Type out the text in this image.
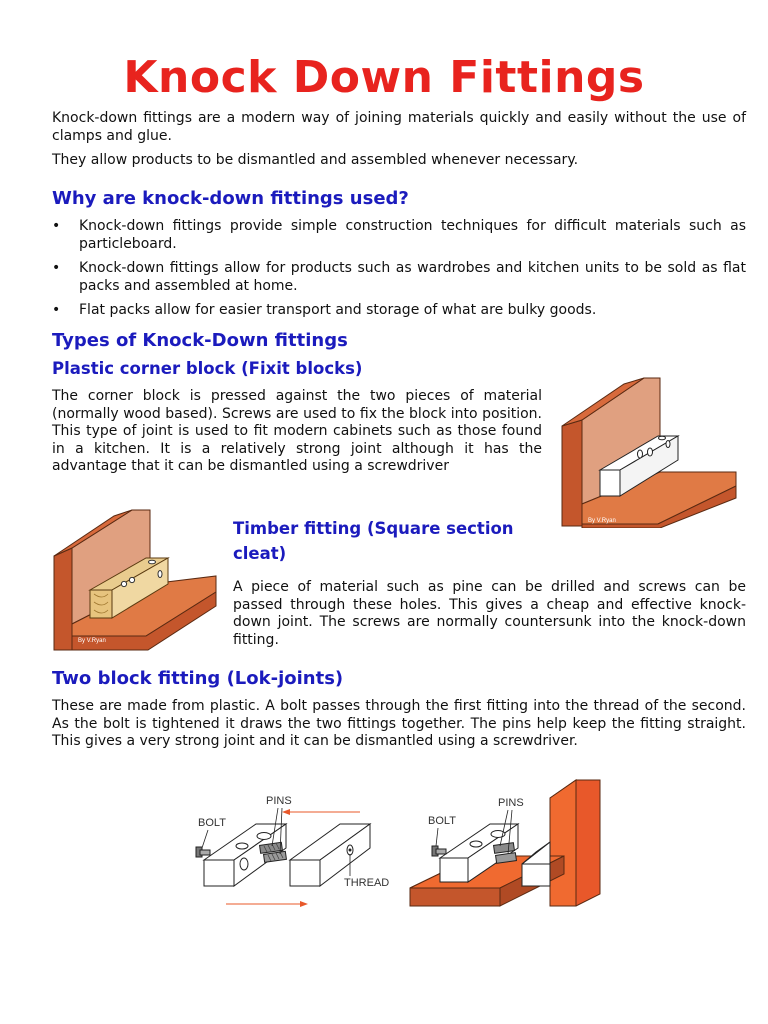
Knock Down Fittings

Knock-down fittings are a modern way of joining materials quickly and easily without the use of clamps and glue.

They allow products to be dismantled and assembled whenever necessary.

Why are knock-down fittings used?
• Knock-down fittings provide simple construction techniques for difficult materials such as particleboard.
• Knock-down fittings allow for products such as wardrobes and kitchen units to be sold as flat packs and assembled at home.
• Flat packs allow for easier transport and storage of what are bulky goods.
Types of Knock-Down fittings
Plastic corner block (Fixit blocks)

The corner block is pressed against the two pieces of material (normally wood based). Screws are used to fix the block into position. This type of joint is used to fit modern cabinets such as those found in a kitchen. It is a relatively strong joint although it has the advantage that it can be dismantled using a screwdriver

By V.Ryan
By V.Ryan
Timber fitting (Square section cleat)

A piece of material such as pine can be drilled and screws can be passed through these holes. This gives a cheap and effective knock-down joint. The screws are normally countersunk into the knock-down fitting.

Two block fitting (Lok-joints)

These are made from plastic. A bolt passes through the first fitting into the thread of the second. As the bolt is tightened it draws the two fittings together. The pins help keep the fitting straight. This gives a very strong joint and it can be dismantled using a screwdriver.

BOLT
PINS
THREAD
BOLT
PINS
